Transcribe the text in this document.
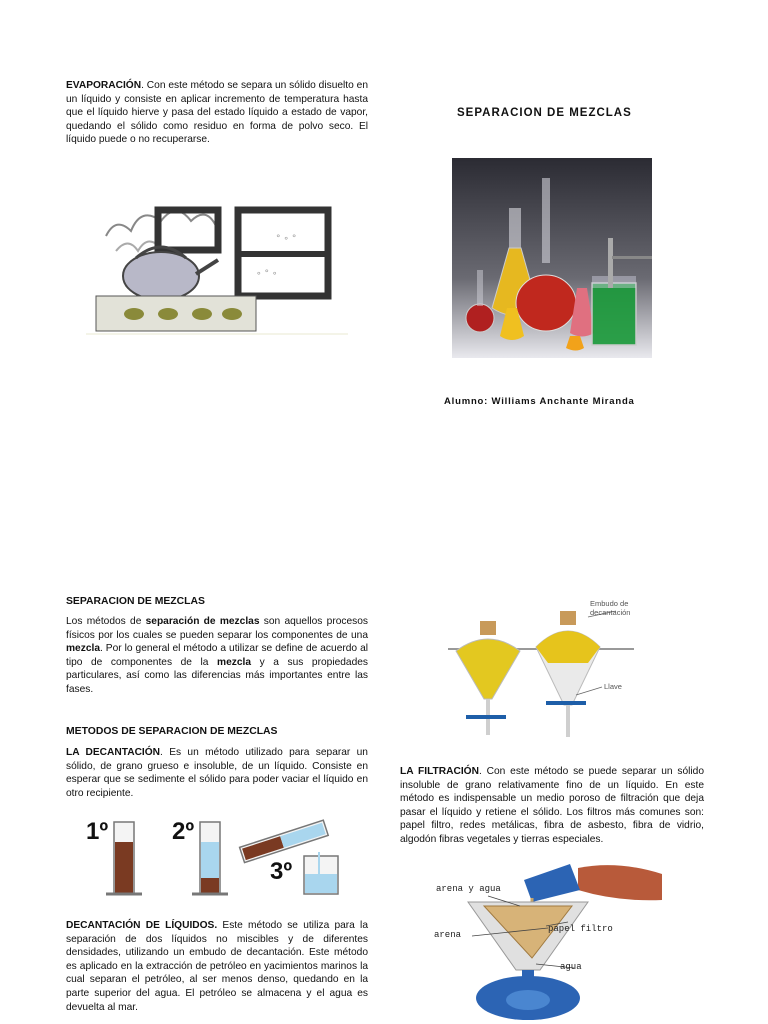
EVAPORACIÓN. Con este método se separa un sólido disuelto en un líquido y consiste en aplicar incremento de temperatura hasta que el líquido hierve y pasa del estado líquido a estado de vapor, quedando el sólido como residuo en forma de polvo seco. El líquido puede o no recuperarse.

° ∘ °
∘ ° ∘
SEPARACION DE MEZCLAS
Alumno: Williams Anchante Miranda
SEPARACION DE MEZCLAS

Los métodos de separación de mezclas son aquellos procesos físicos por los cuales se pueden separar los componentes de una mezcla. Por lo general el método a utilizar se define de acuerdo al tipo de componentes de la mezcla y a sus propiedades particulares, así como las diferencias más importantes entre las fases.

METODOS DE SEPARACION DE MEZCLAS

LA DECANTACIÓN. Es un método utilizado para separar un sólido, de grano grueso e insoluble, de un líquido. Consiste en esperar que se sedimente el sólido para poder vaciar el líquido en otro recipiente.

1º	2º
3º

DECANTACIÓN DE LÍQUIDOS. Este método se utiliza para la separación de dos líquidos no miscibles y de diferentes densidades, utilizando un embudo de decantación. Este método es aplicado en la extracción de petróleo en yacimientos marinos la cual separan el petróleo, al ser menos denso, quedando en la parte superior del agua. El petróleo se almacena y el agua es devuelta al mar.

Embudo de decantación
Llave

LA FILTRACIÓN. Con este método se puede separar un sólido insoluble de grano relativamente fino de un líquido. En este método es indispensable un medio poroso de filtración que deja pasar el líquido y retiene el sólido. Los filtros más comunes son: papel filtro, redes metálicas, fibra de asbesto, fibra de vidrio, algodón fibras vegetales y tierras especiales.

arena y agua
papel filtro
arena
agua
